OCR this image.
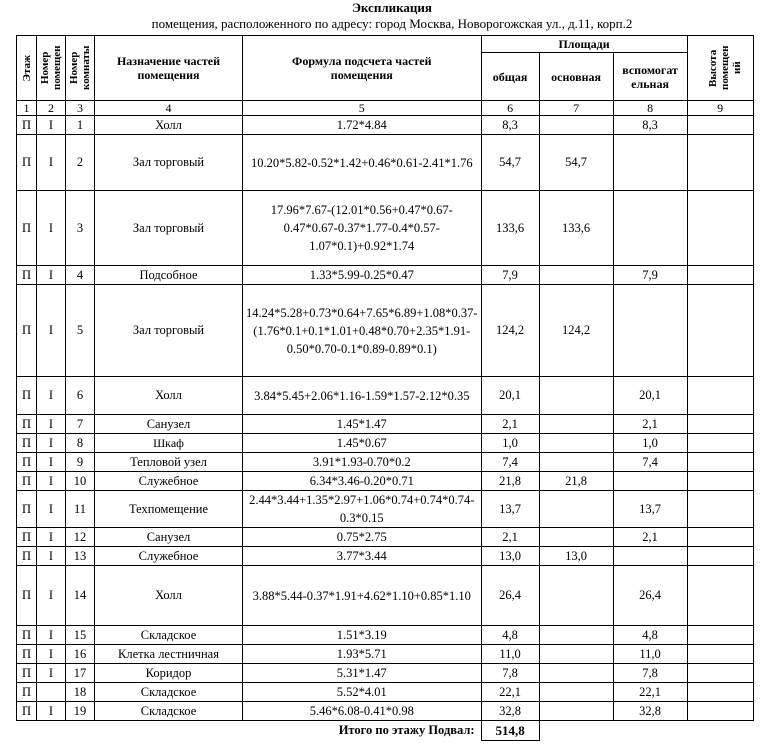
Экспликация
помещения, расположенного по адресу: город Москва, Новорогожская ул., д.11, корп.2
Этаж	Номер помещен	Номер комнаты	Назначение частей помещения	Формула подсчета частей помещения	Площади			Высота помещен ий

					общая	основная	вспомогат ельная	
1	2	3	4	5	6	7	8	9
П	I	1	Холл	1.72*4.84	8,3		8,3	
П	I	2	Зал торговый	10.20*5.82-0.52*1.42+0.46*0.61-2.41*1.76	54,7	54,7		
П	I	3	Зал торговый	17.96*7.67-(12.01*0.56+0.47*0.67-0.47*0.67-0.37*1.77-0.4*0.57-1.07*0.1)+0.92*1.74	133,6	133,6		
П	I	4	Подсобное	1.33*5.99-0.25*0.47	7,9		7,9	
П	I	5	Зал торговый	14.24*5.28+0.73*0.64+7.65*6.89+1.08*0.37-(1.76*0.1+0.1*1.01+0.48*0.70+2.35*1.91-0.50*0.70-0.1*0.89-0.89*0.1)	124,2	124,2		
П	I	6	Холл	3.84*5.45+2.06*1.16-1.59*1.57-2.12*0.35	20,1		20,1	
П	I	7	Санузел	1.45*1.47	2,1		2,1	
П	I	8	Шкаф	1.45*0.67	1,0		1,0	
П	I	9	Тепловой узел	3.91*1.93-0.70*0.2	7,4		7,4	
П	I	10	Служебное	6.34*3.46-0.20*0.71	21,8	21,8		
П	I	11	Техпомещение	2.44*3.44+1.35*2.97+1.06*0.74+0.74*0.74-0.3*0.15	13,7		13,7	
П	I	12	Санузел	0.75*2.75	2,1		2,1	
П	I	13	Служебное	3.77*3.44	13,0	13,0		
П	I	14	Холл	3.88*5.44-0.37*1.91+4.62*1.10+0.85*1.10	26,4		26,4	
П	I	15	Складское	1.51*3.19	4,8		4,8	
П	I	16	Клетка лестничная	1.93*5.71	11,0		11,0	
П	I	17	Коридор	5.31*1.47	7,8		7,8	
П		18	Складское	5.52*4.01	22,1		22,1	
П	I	19	Складское	5.46*6.08-0.41*0.98	32,8		32,8	
Итого по этажу Подвал:					514,8			
